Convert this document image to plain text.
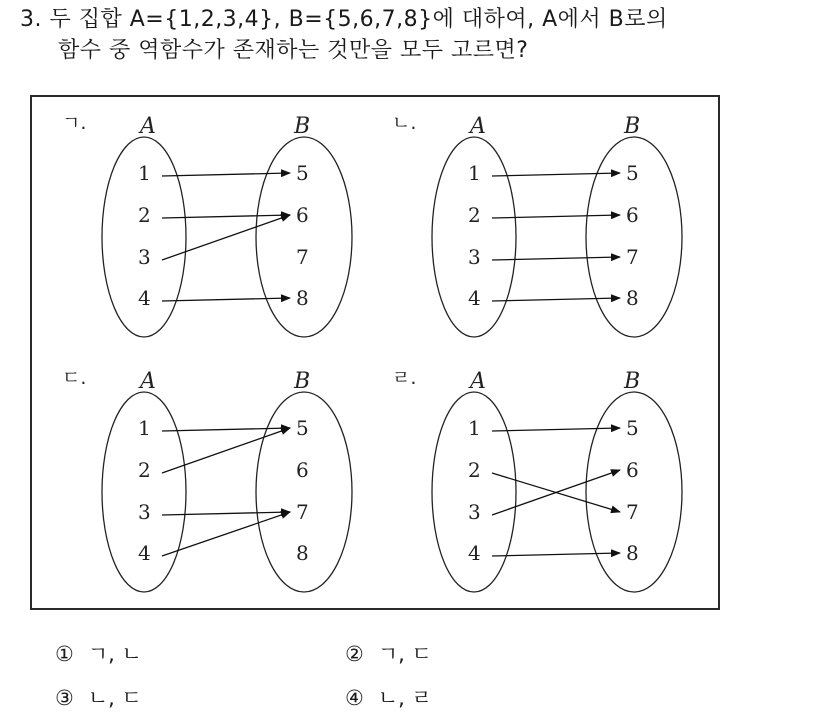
3. 두 집합 A={1,2,3,4}, B={5,6,7,8}에 대하여, A에서 B로의
함수 중 역함수가 존재하는 것만을 모두 고르면?
ㄱ. A	B
1
2
3
4
5
6
7
8
ㄴ. A	B
1
2
3
4
5
6
7
8
ㄷ. A	B
1
2
3
4
5
6
7
8
ㄹ. A	B
1
2
3
4
5
6
7
8
① ㄱ, ㄴ	② ㄱ, ㄷ
③ ㄴ, ㄷ	④ ㄴ, ㄹ
